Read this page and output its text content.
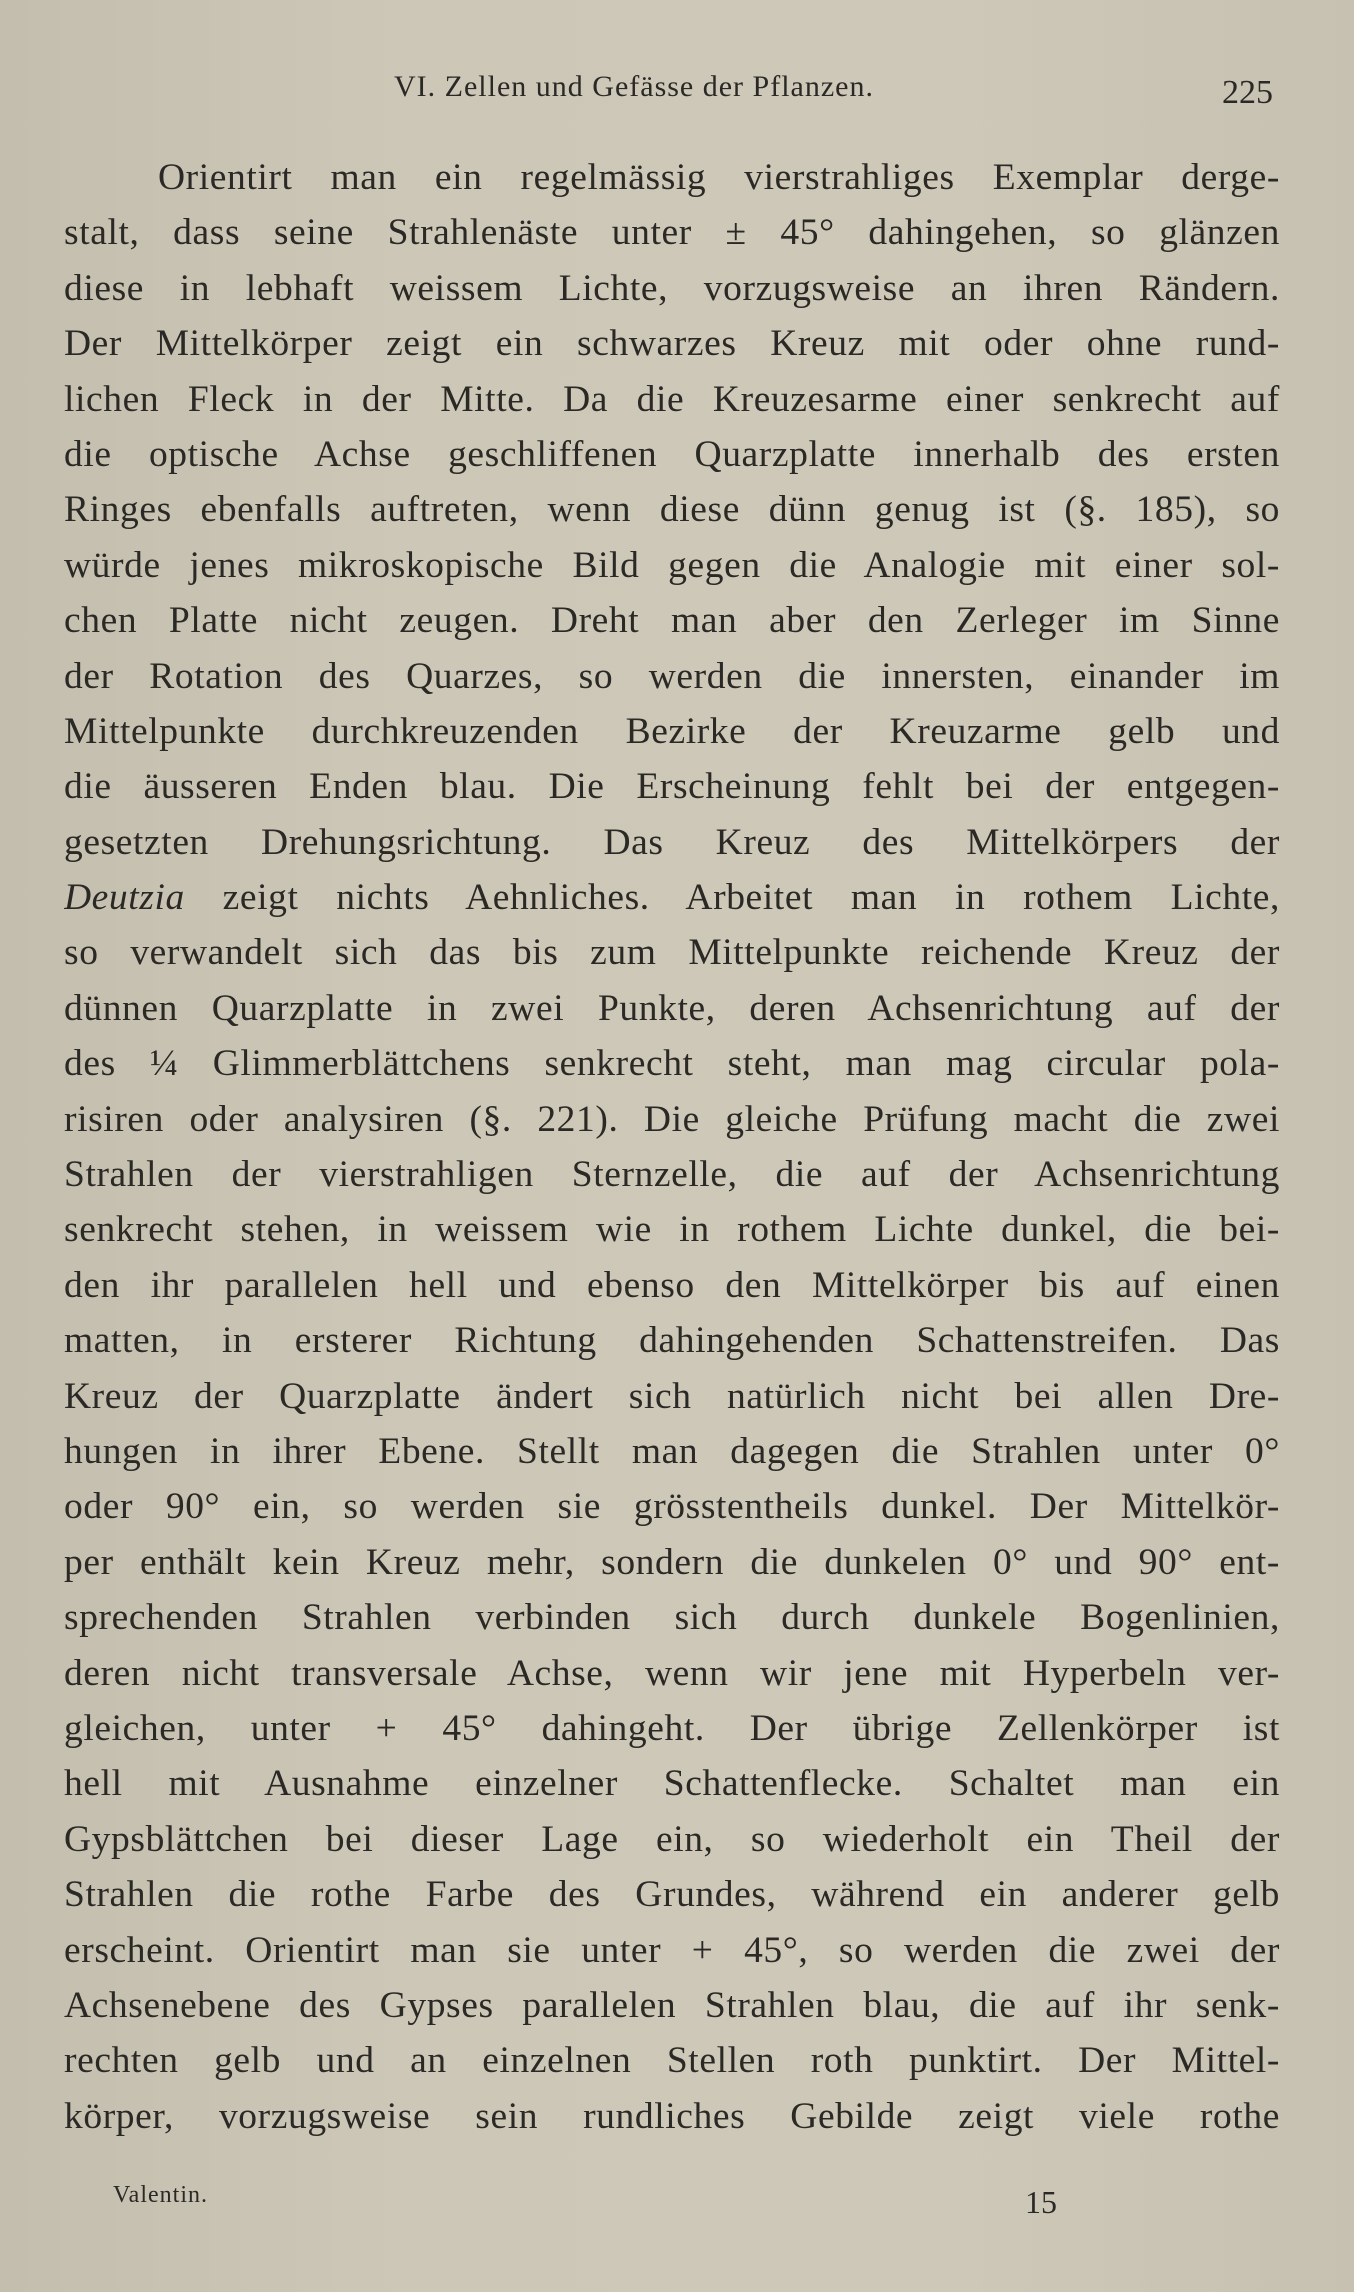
VI. Zellen und Gefässe der Pflanzen.	225
Orientirt man ein regelmässig vierstrahliges Exemplar derge-
stalt, dass seine Strahlenäste unter ± 45° dahingehen, so glänzen
diese in lebhaft weissem Lichte, vorzugsweise an ihren Rändern.
Der Mittelkörper zeigt ein schwarzes Kreuz mit oder ohne rund-
lichen Fleck in der Mitte. Da die Kreuzesarme einer senkrecht auf
die optische Achse geschliffenen Quarzplatte innerhalb des ersten
Ringes ebenfalls auftreten, wenn diese dünn genug ist (§. 185), so
würde jenes mikroskopische Bild gegen die Analogie mit einer sol-
chen Platte nicht zeugen. Dreht man aber den Zerleger im Sinne
der Rotation des Quarzes, so werden die innersten, einander im
Mittelpunkte durchkreuzenden Bezirke der Kreuzarme gelb und
die äusseren Enden blau. Die Erscheinung fehlt bei der entgegen-
gesetzten Drehungsrichtung. Das Kreuz des Mittelkörpers der
Deutzia zeigt nichts Aehnliches. Arbeitet man in rothem Lichte,
so verwandelt sich das bis zum Mittelpunkte reichende Kreuz der
dünnen Quarzplatte in zwei Punkte, deren Achsenrichtung auf der
des ¼ Glimmerblättchens senkrecht steht, man mag circular pola-
risiren oder analysiren (§. 221). Die gleiche Prüfung macht die zwei
Strahlen der vierstrahligen Sternzelle, die auf der Achsenrichtung
senkrecht stehen, in weissem wie in rothem Lichte dunkel, die bei-
den ihr parallelen hell und ebenso den Mittelkörper bis auf einen
matten, in ersterer Richtung dahingehenden Schattenstreifen. Das
Kreuz der Quarzplatte ändert sich natürlich nicht bei allen Dre-
hungen in ihrer Ebene. Stellt man dagegen die Strahlen unter 0°
oder 90° ein, so werden sie grösstentheils dunkel. Der Mittelkör-
per enthält kein Kreuz mehr, sondern die dunkelen 0° und 90° ent-
sprechenden Strahlen verbinden sich durch dunkele Bogenlinien,
deren nicht transversale Achse, wenn wir jene mit Hyperbeln ver-
gleichen, unter + 45° dahingeht. Der übrige Zellenkörper ist
hell mit Ausnahme einzelner Schattenflecke. Schaltet man ein
Gypsblättchen bei dieser Lage ein, so wiederholt ein Theil der
Strahlen die rothe Farbe des Grundes, während ein anderer gelb
erscheint. Orientirt man sie unter + 45°, so werden die zwei der
Achsenebene des Gypses parallelen Strahlen blau, die auf ihr senk-
rechten gelb und an einzelnen Stellen roth punktirt. Der Mittel-
körper, vorzugsweise sein rundliches Gebilde zeigt viele rothe
Valentin.	15
